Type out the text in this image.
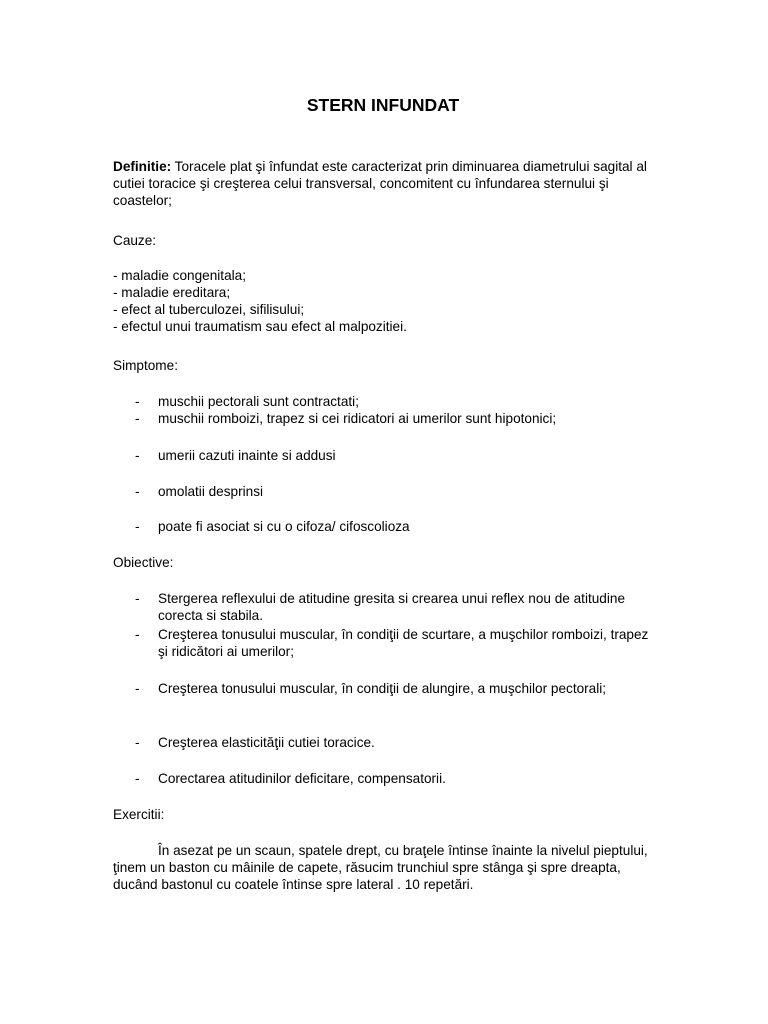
STERN INFUNDAT
Definitie: Toracele plat şi înfundat este caracterizat prin diminuarea diametrului sagital al cutiei toracice şi creşterea celui transversal, concomitent cu înfundarea sternului şi coastelor;
Cauze:
- maladie congenitala;
- maladie ereditara;
- efect al tuberculozei, sifilisului;
- efectul unui traumatism sau efect al malpozitiei.
Simptome:
- muschii pectorali sunt contractati;
- muschii romboizi, trapez si cei ridicatori ai umerilor sunt hipotonici;
- umerii cazuti inainte si addusi
- omolatii desprinsi
- poate fi asociat si cu o cifoza/ cifoscolioza
Obiective:
- Stergerea reflexului de atitudine gresita si crearea unui reflex nou de atitudine corecta si stabila.
- Creşterea tonusului muscular, în condiţii de scurtare, a muşchilor romboizi, trapez şi ridicători ai umerilor;
- Creşterea tonusului muscular, în condiţii de alungire, a muşchilor pectorali;
- Creşterea elasticităţii cutiei toracice.
- Corectarea atitudinilor deficitare, compensatorii.
Exercitii:
În asezat pe un scaun, spatele drept, cu braţele întinse înainte la nivelul pieptului, ţinem un baston cu mâinile de capete, răsucim trunchiul spre stânga şi spre dreapta, ducând bastonul cu coatele întinse spre lateral . 10 repetări.
